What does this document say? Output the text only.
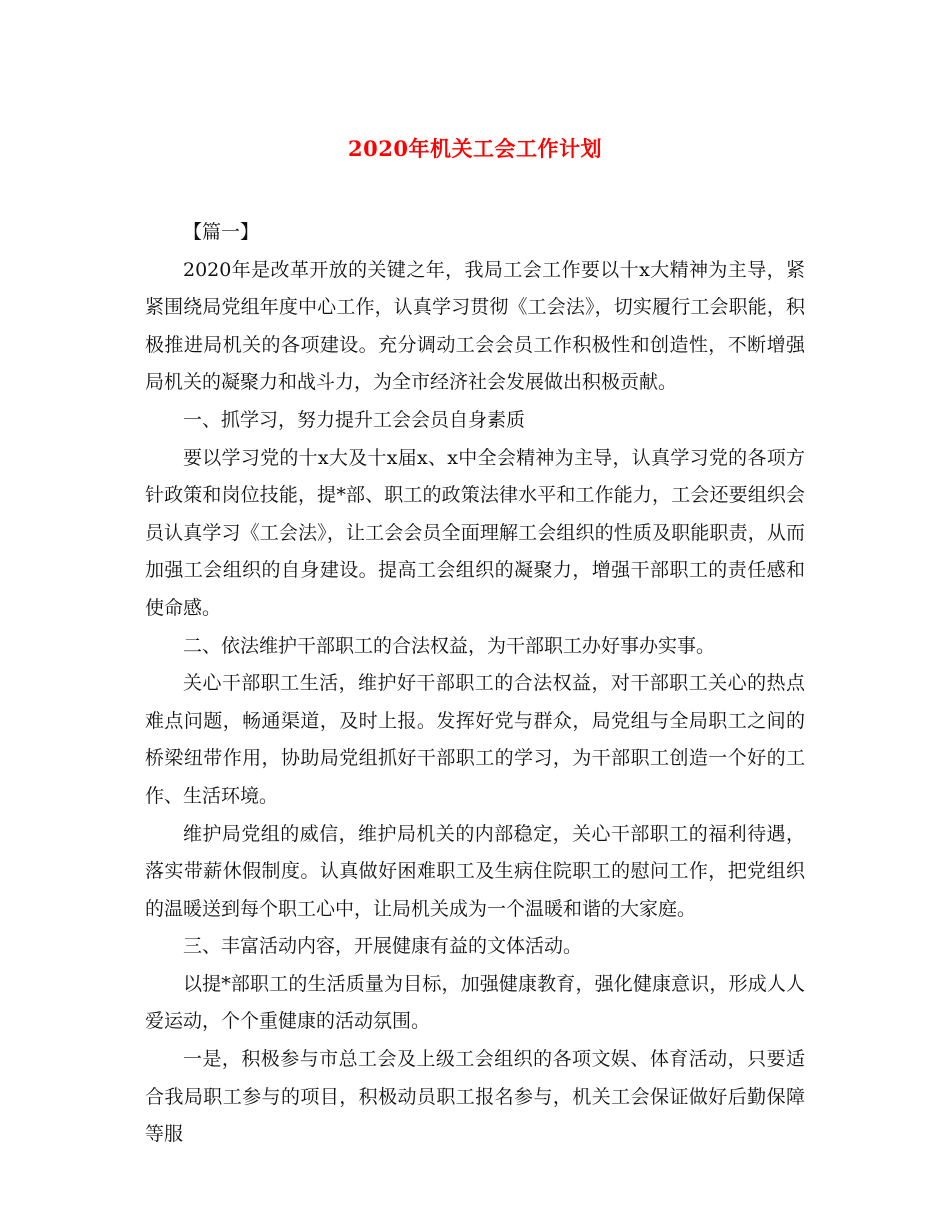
2020年机关工会工作计划

【篇一】

2020年是改革开放的关键之年，我局工会工作要以十x大精神为主导，紧紧围绕局党组年度中心工作，认真学习贯彻《工会法》，切实履行工会职能，积极推进局机关的各项建设。充分调动工会会员工作积极性和创造性，不断增强局机关的凝聚力和战斗力，为全市经济社会发展做出积极贡献。

一、抓学习，努力提升工会会员自身素质

要以学习党的十x大及十x届x、x中全会精神为主导，认真学习党的各项方针政策和岗位技能，提*部、职工的政策法律水平和工作能力，工会还要组织会员认真学习《工会法》，让工会会员全面理解工会组织的性质及职能职责，从而加强工会组织的自身建设。提高工会组织的凝聚力，增强干部职工的责任感和使命感。

二、依法维护干部职工的合法权益，为干部职工办好事办实事。

关心干部职工生活，维护好干部职工的合法权益，对干部职工关心的热点难点问题，畅通渠道，及时上报。发挥好党与群众，局党组与全局职工之间的桥梁纽带作用，协助局党组抓好干部职工的学习，为干部职工创造一个好的工作、生活环境。

维护局党组的威信，维护局机关的内部稳定，关心干部职工的福利待遇，落实带薪休假制度。认真做好困难职工及生病住院职工的慰问工作，把党组织的温暖送到每个职工心中，让局机关成为一个温暖和谐的大家庭。

三、丰富活动内容，开展健康有益的文体活动。

以提*部职工的生活质量为目标，加强健康教育，强化健康意识，形成人人爱运动，个个重健康的活动氛围。

一是，积极参与市总工会及上级工会组织的各项文娱、体育活动，只要适合我局职工参与的项目，积极动员职工报名参与，机关工会保证做好后勤保障等服
